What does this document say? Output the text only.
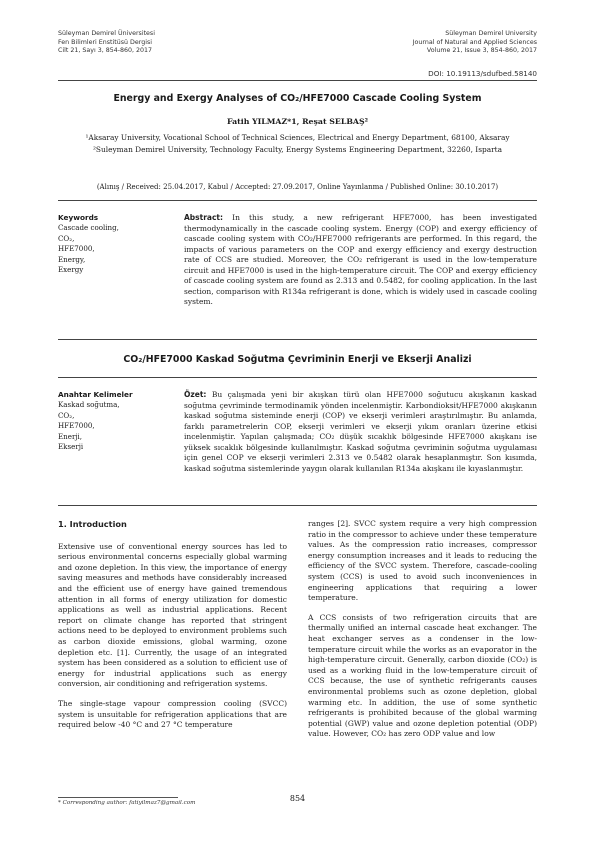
Süleyman Demirel Üniversitesi
Fen Bilimleri Enstitüsü Dergisi
Cilt 21, Sayı 3, 854-860, 2017
Süleyman Demirel University
Journal of Natural and Applied Sciences
Volume 21, Issue 3, 854-860, 2017
DOI: 10.19113/sdufbed.58140
Energy and Exergy Analyses of CO₂/HFE7000 Cascade Cooling System
Fatih YILMAZ*1, Reşat SELBAŞ²
¹Aksaray University, Vocational School of Technical Sciences, Electrical and Energy Department, 68100, Aksaray
²Suleyman Demirel University, Technology Faculty, Energy Systems Engineering Department, 32260, Isparta
(Alınış / Received: 25.04.2017, Kabul / Accepted: 27.09.2017, Online Yayınlanma / Published Online: 30.10.2017)
Keywords
Cascade cooling,
CO₂,
HFE7000,
Energy,
Exergy
Abstract: In this study, a new refrigerant HFE7000, has been investigated thermodynamically in the cascade cooling system. Energy (COP) and exergy efficiency of cascade cooling system with CO₂/HFE7000 refrigerants are performed. In this regard, the impacts of various parameters on the COP and exergy efficiency and exergy destruction rate of CCS are studied. Moreover, the CO₂ refrigerant is used in the low-temperature circuit and HFE7000 is used in the high-temperature circuit. The COP and exergy efficiency of cascade cooling system are found as 2.313 and 0.5482, for cooling application. In the last section, comparison with R134a refrigerant is done, which is widely used in cascade cooling system.
CO₂/HFE7000 Kaskad Soğutma Çevriminin Enerji ve Ekserji Analizi
Anahtar Kelimeler
Kaskad soğutma,
CO₂,
HFE7000,
Enerji,
Ekserji
Özet: Bu çalışmada yeni bir akışkan türü olan HFE7000 soğutucu akışkanın kaskad soğutma çevriminde termodinamik yönden incelenmiştir. Karbondioksit/HFE7000 akışkanın kaskad soğutma sisteminde enerji (COP) ve ekserji verimleri araştırılmıştır. Bu anlamda, farklı parametrelerin COP, ekserji verimleri ve ekserji yıkım oranları üzerine etkisi incelenmiştir. Yapılan çalışmada; CO₂ düşük sıcaklık bölgesinde HFE7000 akışkanı ise yüksek sıcaklık bölgesinde kullanılmıştır. Kaskad soğutma çevriminin soğutma uygulaması için genel COP ve ekserji verimleri 2.313 ve 0.5482 olarak hesaplanmıştır. Son kısımda, kaskad soğutma sistemlerinde yaygın olarak kullanılan R134a akışkanı ile kıyaslanmıştır.
1. Introduction

Extensive use of conventional energy sources has led to serious environmental concerns especially global warming and ozone depletion. In this view, the importance of energy saving measures and methods have considerably increased and the efficient use of energy have gained tremendous attention in all forms of energy utilization for domestic applications as well as industrial applications. Recent report on climate change has reported that stringent actions need to be deployed to environment problems such as carbon dioxide emissions, global warming, ozone depletion etc. [1]. Currently, the usage of an integrated system has been considered as a solution to efficient use of energy for industrial applications such as energy conversion, air conditioning and refrigeration systems.

The single-stage vapour compression cooling (SVCC) system is unsuitable for refrigeration applications that are required below -40 °C and 27 °C temperature

ranges [2]. SVCC system require a very high compression ratio in the compressor to achieve under these temperature values. As the compression ratio increases, compressor energy consumption increases and it leads to reducing the efficiency of the SVCC system. Therefore, cascade-cooling system (CCS) is used to avoid such inconveniences in engineering applications that requiring a lower temperature.

A CCS consists of two refrigeration circuits that are thermally unified an internal cascade heat exchanger. The heat exchanger serves as a condenser in the low-temperature circuit while the works as an evaporator in the high-temperature circuit. Generally, carbon dioxide (CO₂) is used as a working fluid in the low-temperature circuit of CCS because, the use of synthetic refrigerants causes environmental problems such as ozone depletion, global warming etc. In addition, the use of some synthetic refrigerants is prohibited because of the global warming potential (GWP) value and ozone depletion potential (ODP) value. However, CO₂ has zero ODP value and low

* Corresponding author: fatiyilmaz7@gmail.com	854
